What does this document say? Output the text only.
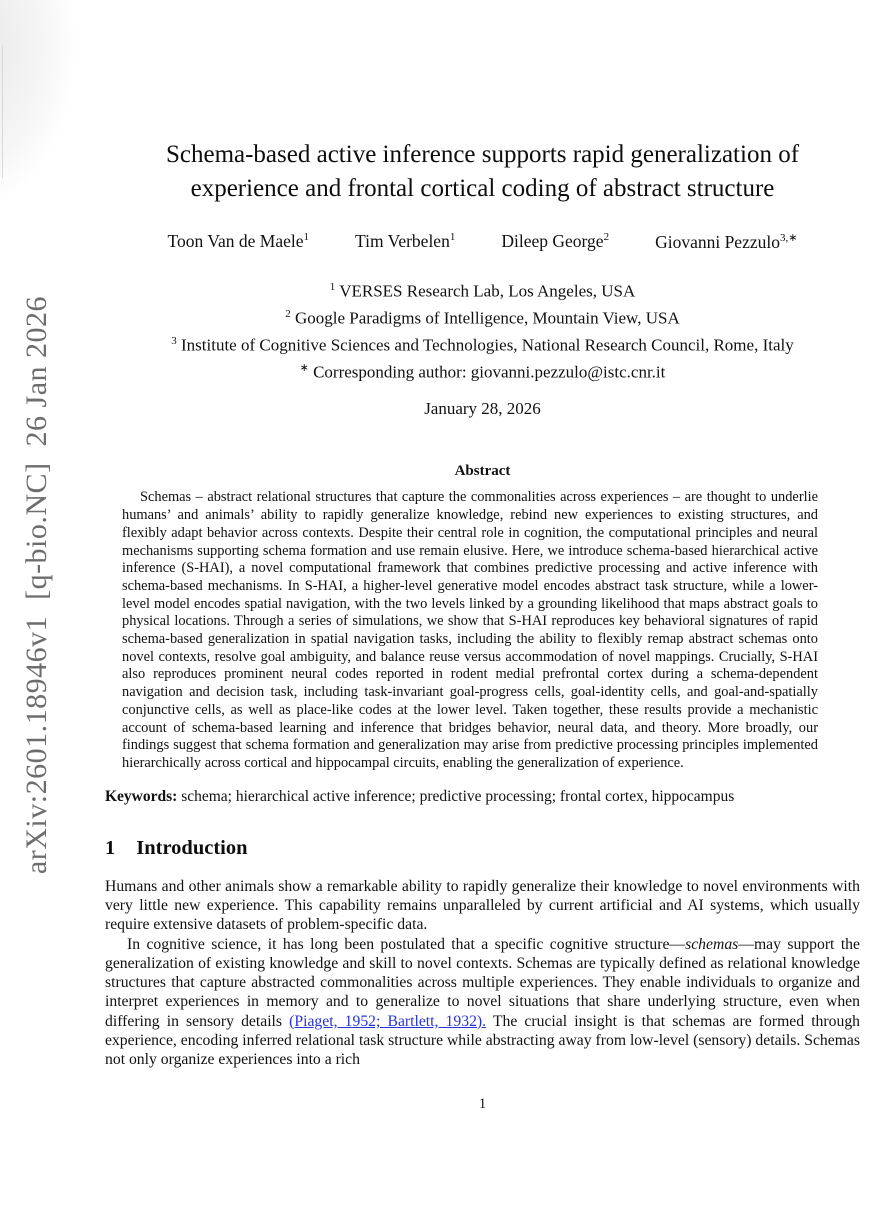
arXiv:2601.18946v1  [q-bio.NC]  26 Jan 2026
Schema-based active inference supports rapid generalization of
experience and frontal cortical coding of abstract structure
Toon Van de Maele$^1$	Tim Verbelen$^1$	Dileep George$^2$	Giovanni Pezzulo$^{3,∗}$
$^1$ VERSES Research Lab, Los Angeles, USA
$^2$ Google Paradigms of Intelligence, Mountain View, USA
$^3$ Institute of Cognitive Sciences and Technologies, National Research Council, Rome, Italy
∗ Corresponding author: giovanni.pezzulo@istc.cnr.it
January 28, 2026
Abstract

Schemas – abstract relational structures that capture the commonalities across experiences – are thought to underlie humans’ and animals’ ability to rapidly generalize knowledge, rebind new experiences to existing structures, and flexibly adapt behavior across contexts. Despite their central role in cognition, the computational principles and neural mechanisms supporting schema formation and use remain elusive. Here, we introduce schema-based hierarchical active inference (S-HAI), a novel computational framework that combines predictive processing and active inference with schema-based mechanisms. In S-HAI, a higher-level generative model encodes abstract task structure, while a lower-level model encodes spatial navigation, with the two levels linked by a grounding likelihood that maps abstract goals to physical locations. Through a series of simulations, we show that S-HAI reproduces key behavioral signatures of rapid schema-based generalization in spatial navigation tasks, including the ability to flexibly remap abstract schemas onto novel contexts, resolve goal ambiguity, and balance reuse versus accommodation of novel mappings. Crucially, S-HAI also reproduces prominent neural codes reported in rodent medial prefrontal cortex during a schema-dependent navigation and decision task, including task-invariant goal-progress cells, goal-identity cells, and goal-and-spatially conjunctive cells, as well as place-like codes at the lower level. Taken together, these results provide a mechanistic account of schema-based learning and inference that bridges behavior, neural data, and theory. More broadly, our findings suggest that schema formation and generalization may arise from predictive processing principles implemented hierarchically across cortical and hippocampal circuits, enabling the generalization of experience.

Keywords: schema; hierarchical active inference; predictive processing; frontal cortex, hippocampus
1 Introduction

Humans and other animals show a remarkable ability to rapidly generalize their knowledge to novel environments with very little new experience. This capability remains unparalleled by current artificial and AI systems, which usually require extensive datasets of problem-specific data.

In cognitive science, it has long been postulated that a specific cognitive structure—schemas—may support the generalization of existing knowledge and skill to novel contexts. Schemas are typically defined as relational knowledge structures that capture abstracted commonalities across multiple experiences. They enable individuals to organize and interpret experiences in memory and to generalize to novel situations that share underlying structure, even when differing in sensory details (Piaget, 1952; Bartlett, 1932). The crucial insight is that schemas are formed through experience, encoding inferred relational task structure while abstracting away from low-level (sensory) details. Schemas not only organize experiences into a rich

1
